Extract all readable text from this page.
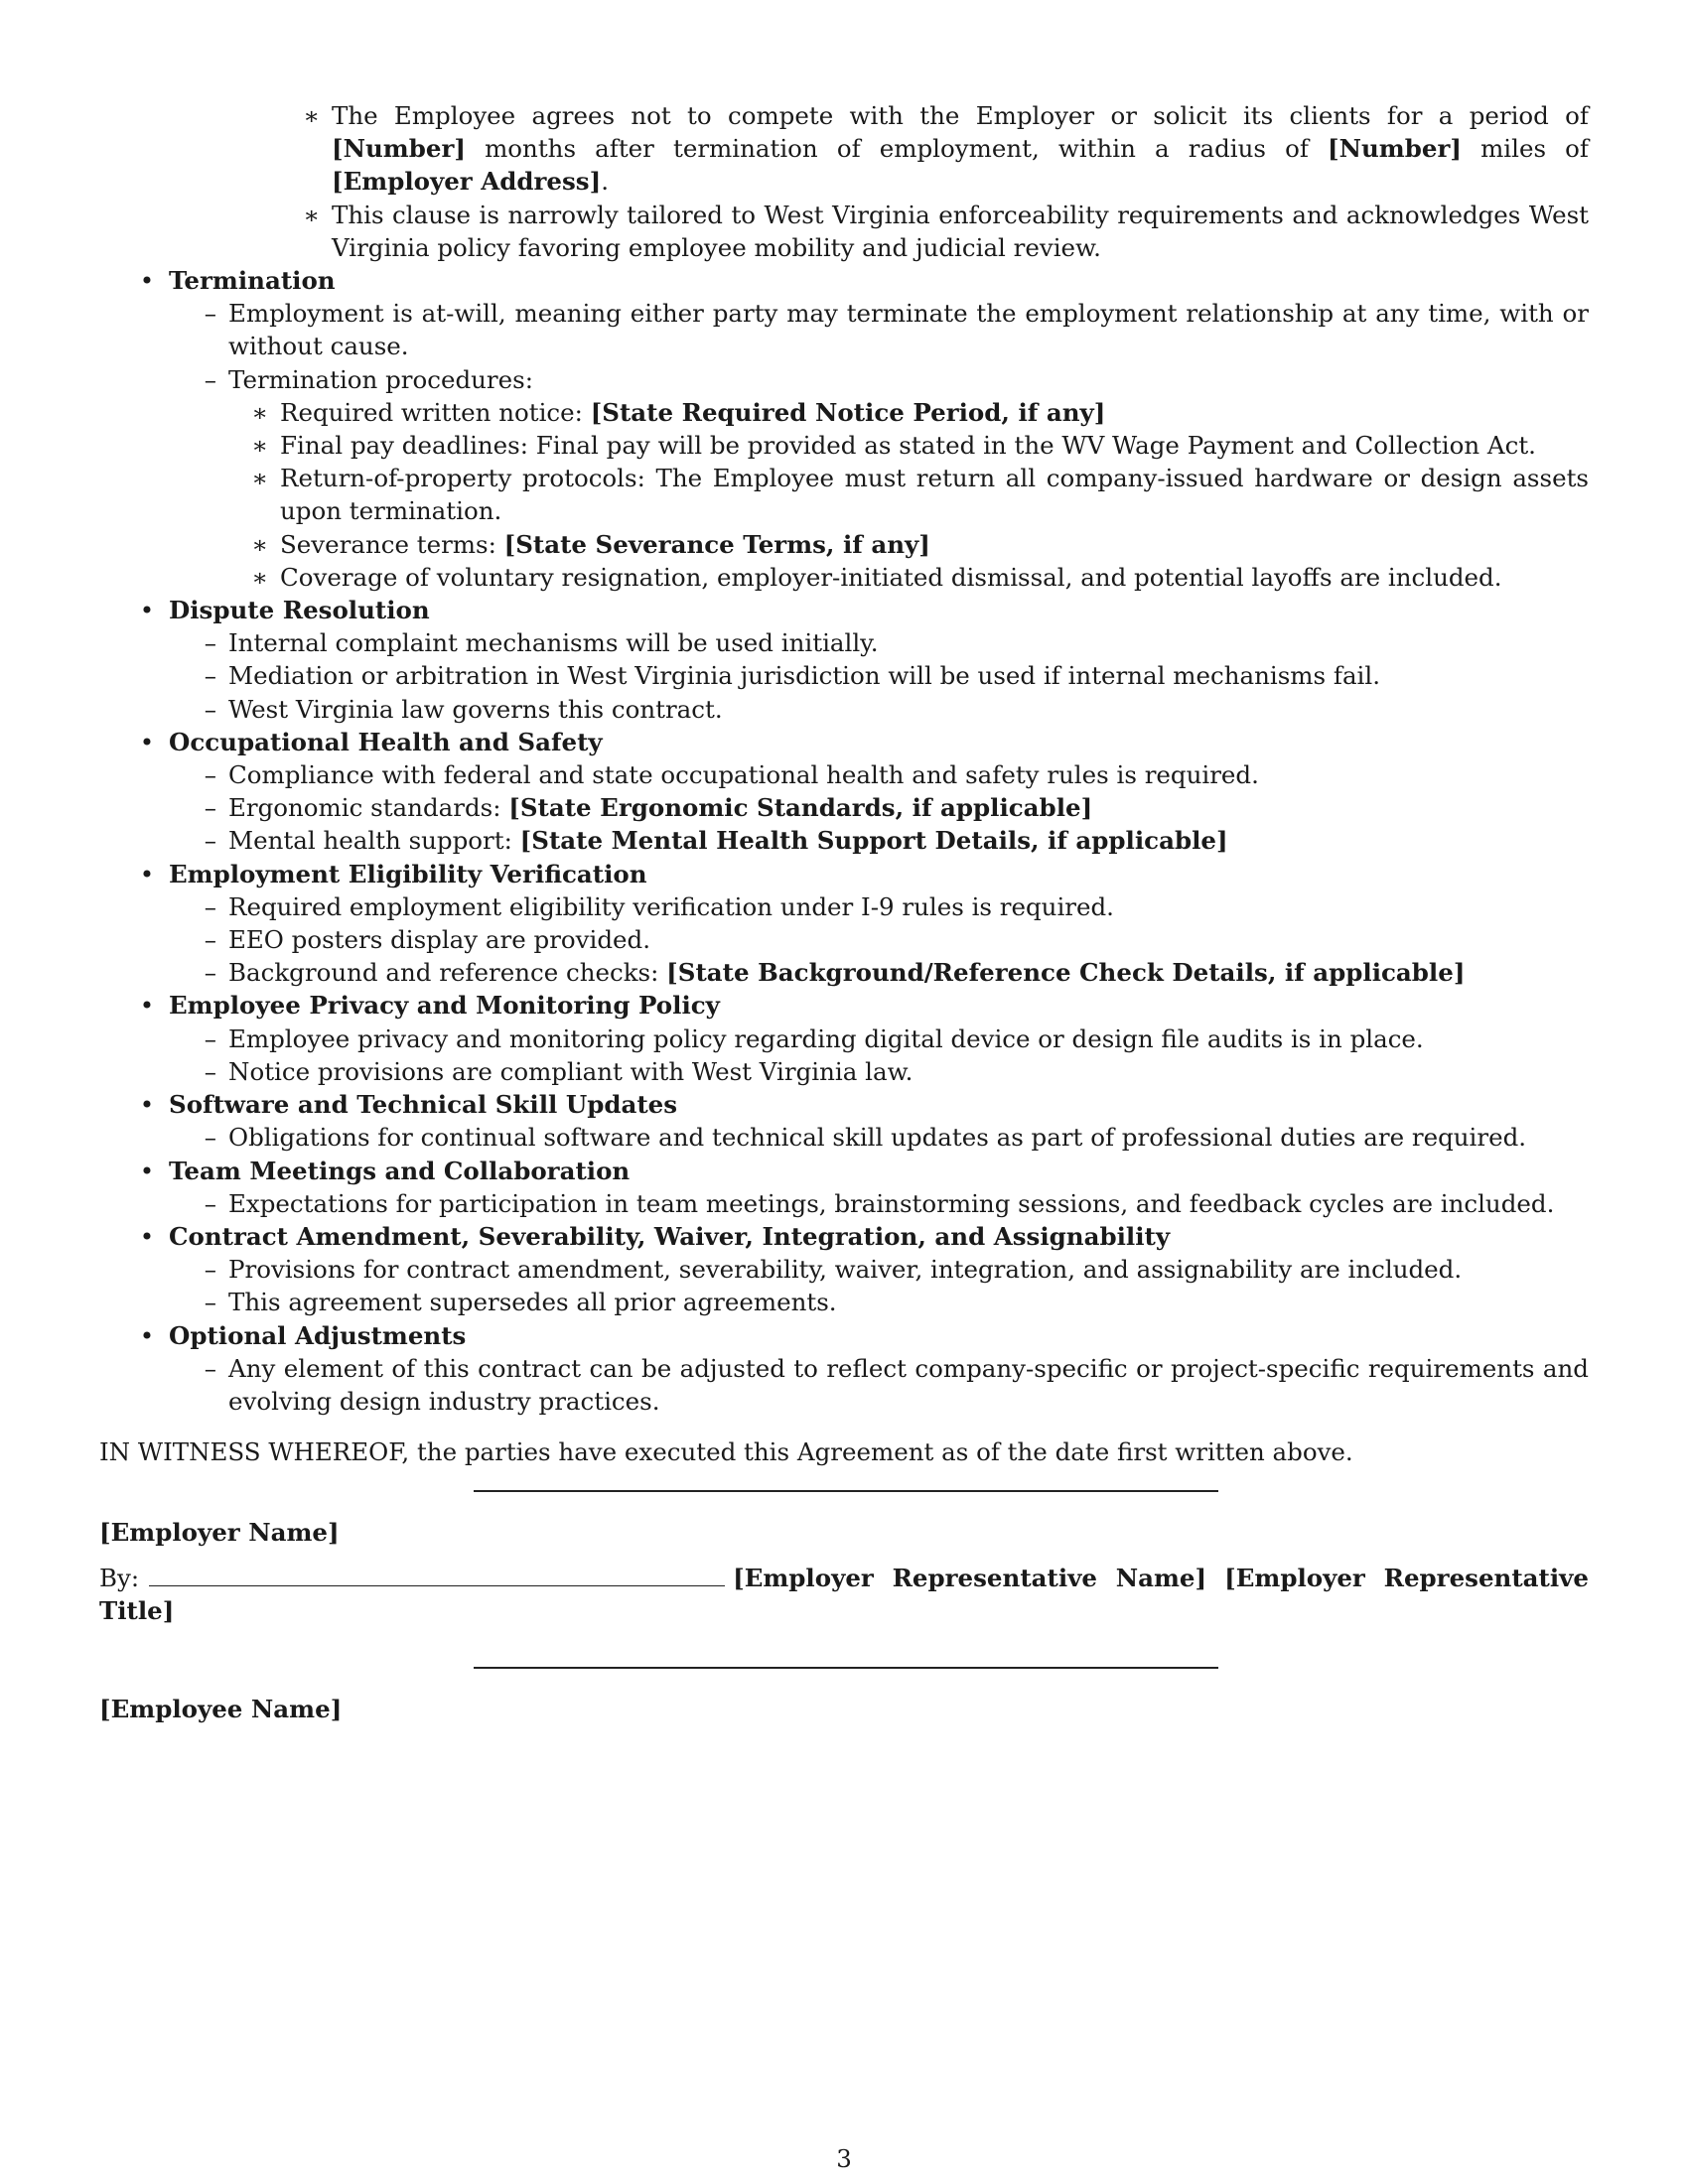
∗ The Employee agrees not to compete with the Employer or solicit its clients for a period of [Number] months after termination of employment, within a radius of [Number] miles of [Employer Address].
∗ This clause is narrowly tailored to West Virginia enforceability requirements and acknowledges West Virginia policy favoring employee mobility and judicial review.
• Termination
– Employment is at-will, meaning either party may terminate the employment relationship at any time, with or without cause.
– Termination procedures:
∗ Required written notice: [State Required Notice Period, if any]
∗ Final pay deadlines: Final pay will be provided as stated in the WV Wage Payment and Collection Act.
∗ Return-of-property protocols: The Employee must return all company-issued hardware or design assets upon termination.
∗ Severance terms: [State Severance Terms, if any]
∗ Coverage of voluntary resignation, employer-initiated dismissal, and potential layoffs are included.
• Dispute Resolution
– Internal complaint mechanisms will be used initially.
– Mediation or arbitration in West Virginia jurisdiction will be used if internal mechanisms fail.
– West Virginia law governs this contract.
• Occupational Health and Safety
– Compliance with federal and state occupational health and safety rules is required.
– Ergonomic standards: [State Ergonomic Standards, if applicable]
– Mental health support: [State Mental Health Support Details, if applicable]
• Employment Eligibility Verification
– Required employment eligibility verification under I-9 rules is required.
– EEO posters display are provided.
– Background and reference checks: [State Background/Reference Check Details, if applicable]
• Employee Privacy and Monitoring Policy
– Employee privacy and monitoring policy regarding digital device or design file audits is in place.
– Notice provisions are compliant with West Virginia law.
• Software and Technical Skill Updates
– Obligations for continual software and technical skill updates as part of professional duties are required.
• Team Meetings and Collaboration
– Expectations for participation in team meetings, brainstorming sessions, and feedback cycles are included.
• Contract Amendment, Severability, Waiver, Integration, and Assignability
– Provisions for contract amendment, severability, waiver, integration, and assignability are included.
– This agreement supersedes all prior agreements.
• Optional Adjustments
– Any element of this contract can be adjusted to reflect company-specific or project-specific requirements and evolving design industry practices.
IN WITNESS WHEREOF, the parties have executed this Agreement as of the date first written above.
[Employer Name]
By:	[Employer Representative Name] [Employer Representative Title]
[Employee Name]
3
